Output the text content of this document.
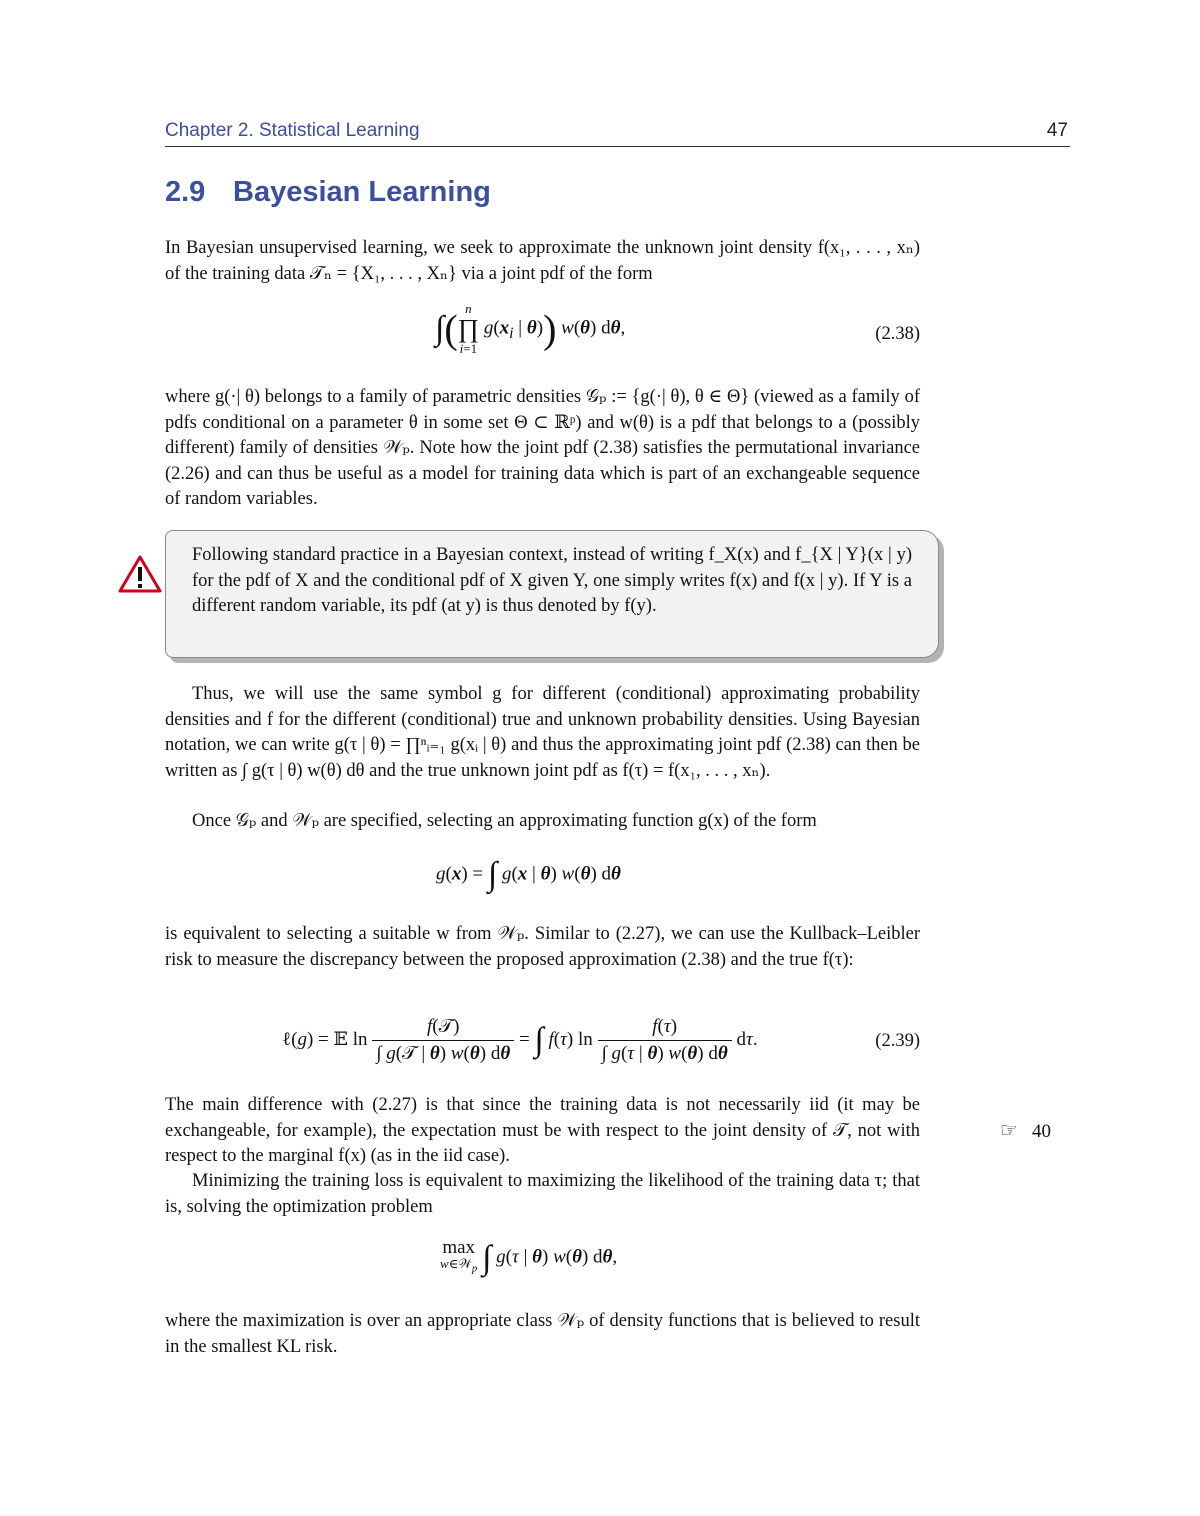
Chapter 2. Statistical Learning	47
2.9 Bayesian Learning

In Bayesian unsupervised learning, we seek to approximate the unknown joint density f(x₁, . . . , xₙ) of the training data 𝒯ₙ = {X₁, . . . , Xₙ} via a joint pdf of the form

∫( n
∏
i=1 $g(x_i$ | θ)) w(θ) dθ,	(2.38)

where g(·| θ) belongs to a family of parametric densities 𝒢ₚ := {g(·| θ), θ ∈ Θ} (viewed as a family of pdfs conditional on a parameter θ in some set Θ ⊂ ℝᵖ) and w(θ) is a pdf that belongs to a (possibly different) family of densities 𝒲ₚ. Note how the joint pdf (2.38) satisfies the permutational invariance (2.26) and can thus be useful as a model for training data which is part of an exchangeable sequence of random variables.

Following standard practice in a Bayesian context, instead of writing f_X(x) and f_{X | Y}(x | y) for the pdf of X and the conditional pdf of X given Y, one simply writes f(x) and f(x | y). If Y is a different random variable, its pdf (at y) is thus denoted by f(y).

Thus, we will use the same symbol g for different (conditional) approximating probability densities and f for the different (conditional) true and unknown probability densities. Using Bayesian notation, we can write g(τ | θ) = ∏ⁿᵢ₌₁ g(xᵢ | θ) and thus the approximating joint pdf (2.38) can then be written as ∫ g(τ | θ) w(θ) dθ and the true unknown joint pdf as f(τ) = f(x₁, . . . , xₙ).

Once 𝒢ₚ and 𝒲ₚ are specified, selecting an approximating function g(x) of the form

g(x) = ∫ g(x | θ) w(θ) dθ

is equivalent to selecting a suitable w from 𝒲ₚ. Similar to (2.27), we can use the Kullback–Leibler risk to measure the discrepancy between the proposed approximation (2.38) and the true f(τ):

ℓ(g) = 𝔼 $\ln \frac{\text{f(𝒯)}}{\text{∫ g(𝒯 | θ) w(θ) dθ}}$ = ∫ f(τ) $\ln \frac{f(\tau)}{\int g(\tau | \theta) w(\theta) d\theta} d\tau$.	(2.39)

The main difference with (2.27) is that since the training data is not necessarily iid (it may be exchangeable, for example), the expectation must be with respect to the joint density of 𝒯, not with respect to the marginal f(x) (as in the iid case).

☞ 40

Minimizing the training loss is equivalent to maximizing the likelihood of the training data τ; that is, solving the optimization problem

max
w∈𝒲$_p$ ∫ g(τ | θ) w(θ) dθ,

where the maximization is over an appropriate class 𝒲ₚ of density functions that is believed to result in the smallest KL risk.
